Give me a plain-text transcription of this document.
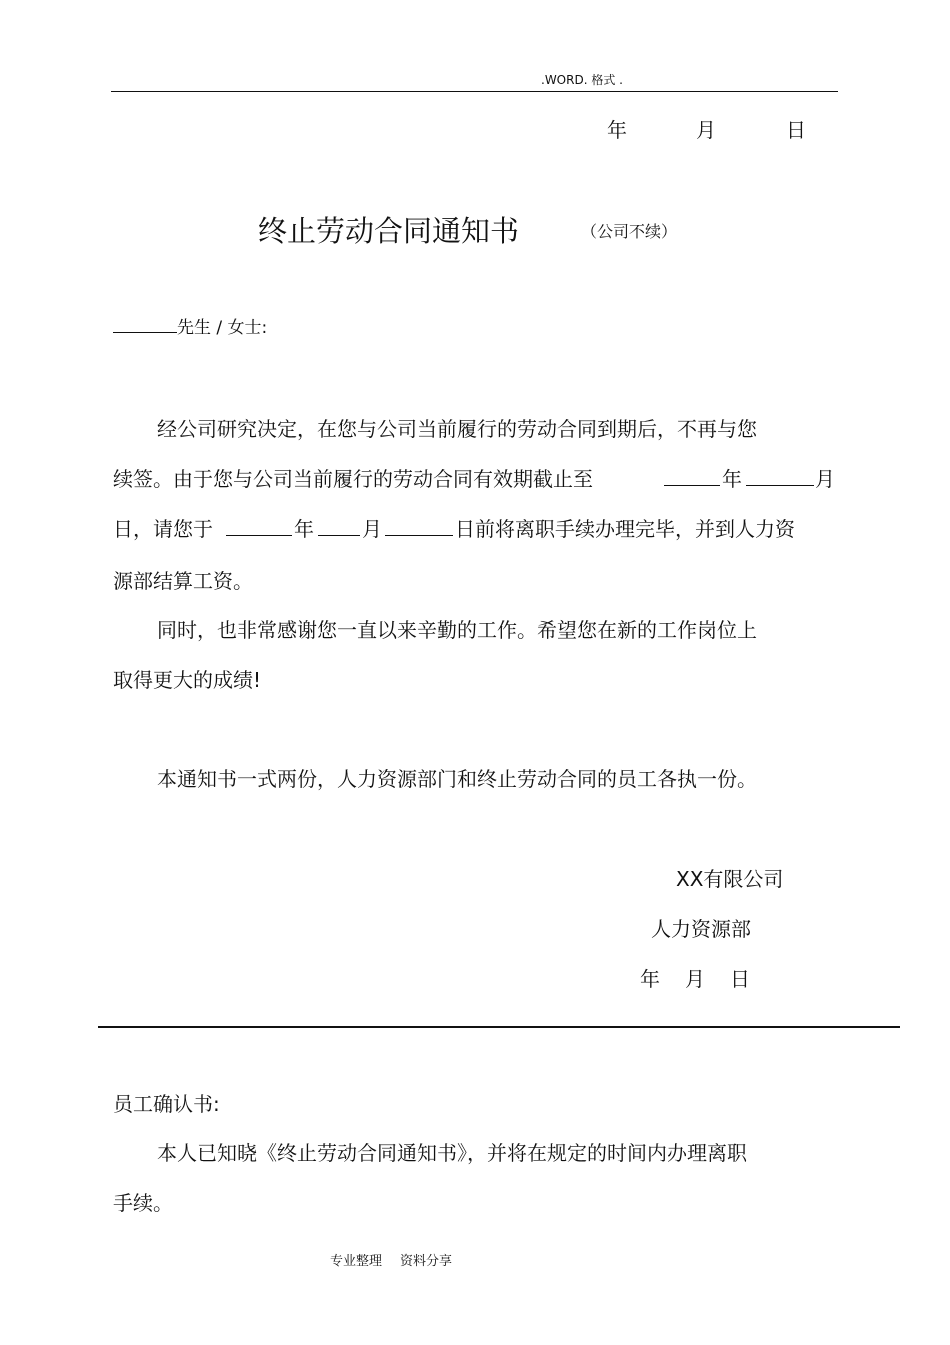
.WORD. 格式 .
年	月	日
终止劳动合同通知书	（公司不续）
先生 / 女士:
经公司研究决定，在您与公司当前履行的劳动合同到期后，不再与您
续签。由于您与公司当前履行的劳动合同有效期截止至	年	月
日，请您于	年 月	日前将离职手续办理完毕，并到人力资
源部结算工资。
同时，也非常感谢您一直以来辛勤的工作。希望您在新的工作岗位上
取得更大的成绩!
本通知书一式两份，人力资源部门和终止劳动合同的员工各执一份。
XX有限公司
人力资源部
年 月 日
员工确认书:
本人已知晓《终止劳动合同通知书》，并将在规定的时间内办理离职
手续。
专业整理 资料分享
